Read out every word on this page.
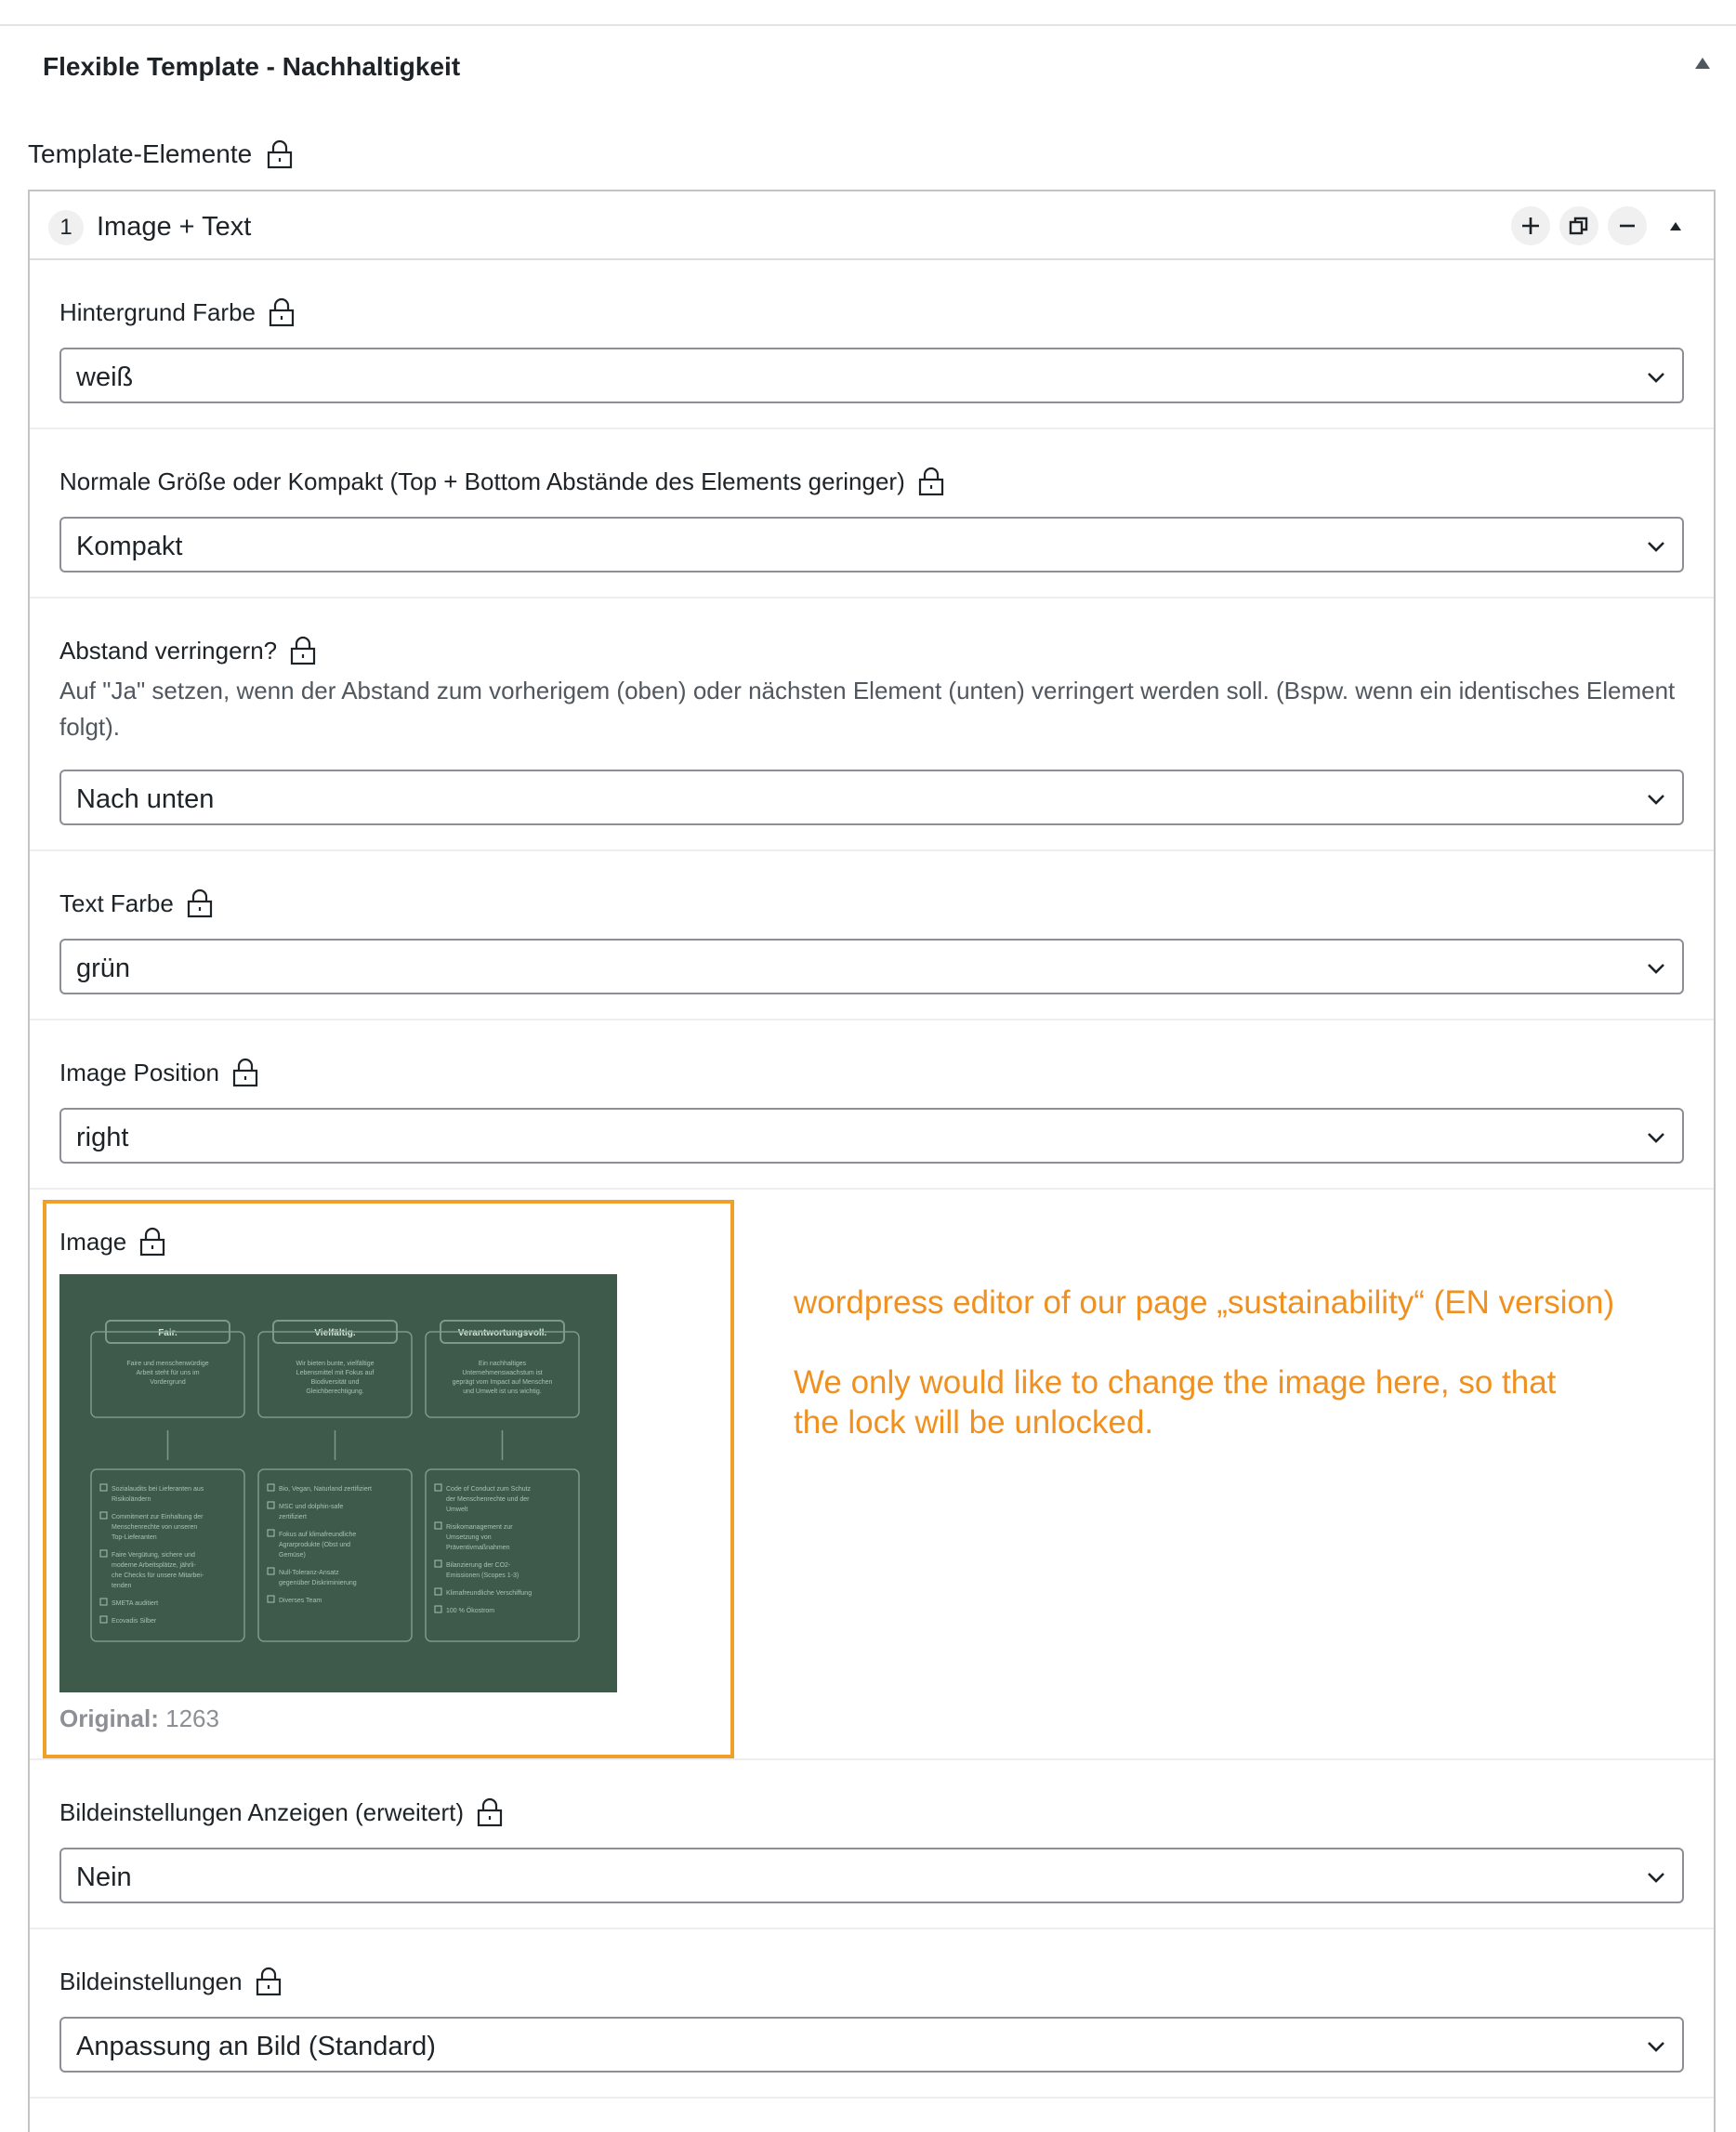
Flexible Template - Nachhaltigkeit
Template-Elemente
1 Image + Text
Hintergrund Farbe
weiß
Normale Größe oder Kompakt (Top + Bottom Abstände des Elements geringer)
Kompakt
Abstand verringern?
Auf "Ja" setzen, wenn der Abstand zum vorherigem (oben) oder nächsten Element (unten) verringert werden soll. (Bspw. wenn ein identisches Element folgt).
Nach unten
Text Farbe
grün
Image Position
right
Image
Bildeinstellungen Anzeigen (erweitert)
Nein
Bildeinstellungen
Anpassung an Bild (Standard)
Fair.
Faire und menschenwürdige
Arbeit steht für uns im
Vordergrund
Sozialaudits bei Lieferanten aus
Risikoländern
Commitment zur Einhaltung der
Menschenrechte von unseren
Top-Lieferanten
Faire Vergütung, sichere und
moderne Arbeitsplätze, jährli-
che Checks für unsere Mitarbei-
tenden
SMETA auditiert
Ecovadis Silber
Vielfältig.
Wir bieten bunte, vielfältige
Lebensmittel mit Fokus auf
Biodiversität und
Gleichberechtigung.
Bio, Vegan, Naturland zertifiziert
MSC und dolphin-safe
zertifiziert
Fokus auf klimafreundliche
Agrarprodukte (Obst und
Gemüse)
Null-Toleranz-Ansatz
gegenüber Diskriminierung
Diverses Team
Verantwortungsvoll.
Ein nachhaltiges
Unternehmenswachstum ist
geprägt vom Impact auf Menschen
und Umwelt ist uns wichtig.
Code of Conduct zum Schutz
der Menschenrechte und der
Umwelt
Risikomanagement zur
Umsetzung von
Präventivmaßnahmen
Bilanzierung der CO2-
Emissionen (Scopes 1-3)
Klimafreundliche Verschiffung
100 % Ökostrom
Original: 1263
wordpress editor of our page „sustainability“ (EN version)
We only would like to change the image here, so that
the lock will be unlocked.
